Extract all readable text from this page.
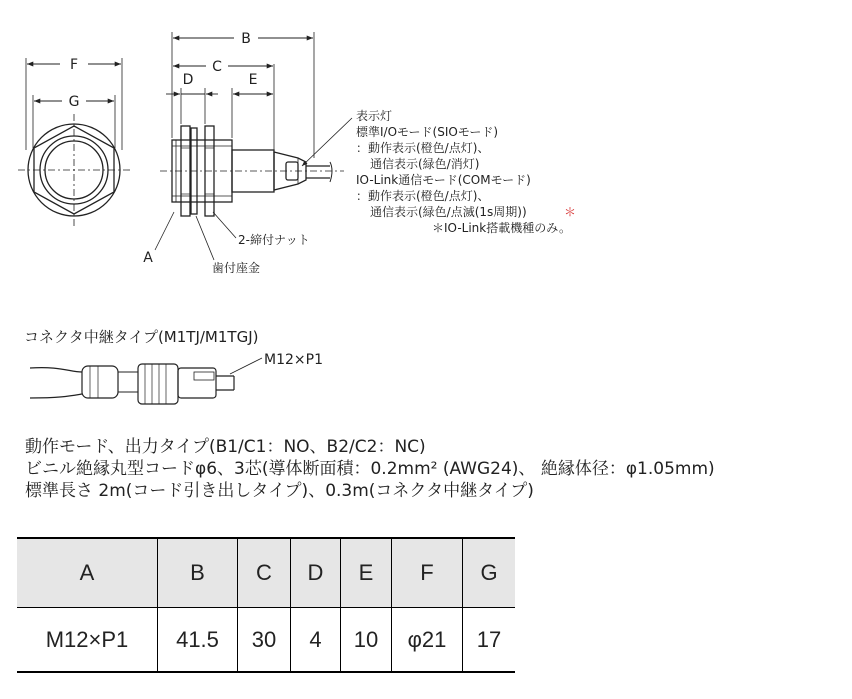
F
G
B
C
D	E
A
2-締付ナット
歯付座金
表示灯
標準I/Oモード(SIOモード)
：動作表示(橙色/点灯)、
通信表示(緑色/消灯)
IO-Link通信モード(COMモード)
：動作表示(橙色/点灯)、
通信表示(緑色/点滅(1s周期))	＊
＊IO-Link搭載機種のみ。
M12×P1
コネクタ中継タイプ(M1TJ/M1TGJ)
動作モード、出力タイプ(B1/C1：NO、B2/C2：NC)
ビニル絶縁丸型コードφ6、3芯(導体断面積：0.2mm² (AWG24)、 絶縁体径：φ1.05mm)
標準長さ 2m(コード引き出しタイプ)、0.3m(コネクタ中継タイプ)
A	B	C	D	E	F	G
M12×P1	41.5	30	4	10	φ21	17
